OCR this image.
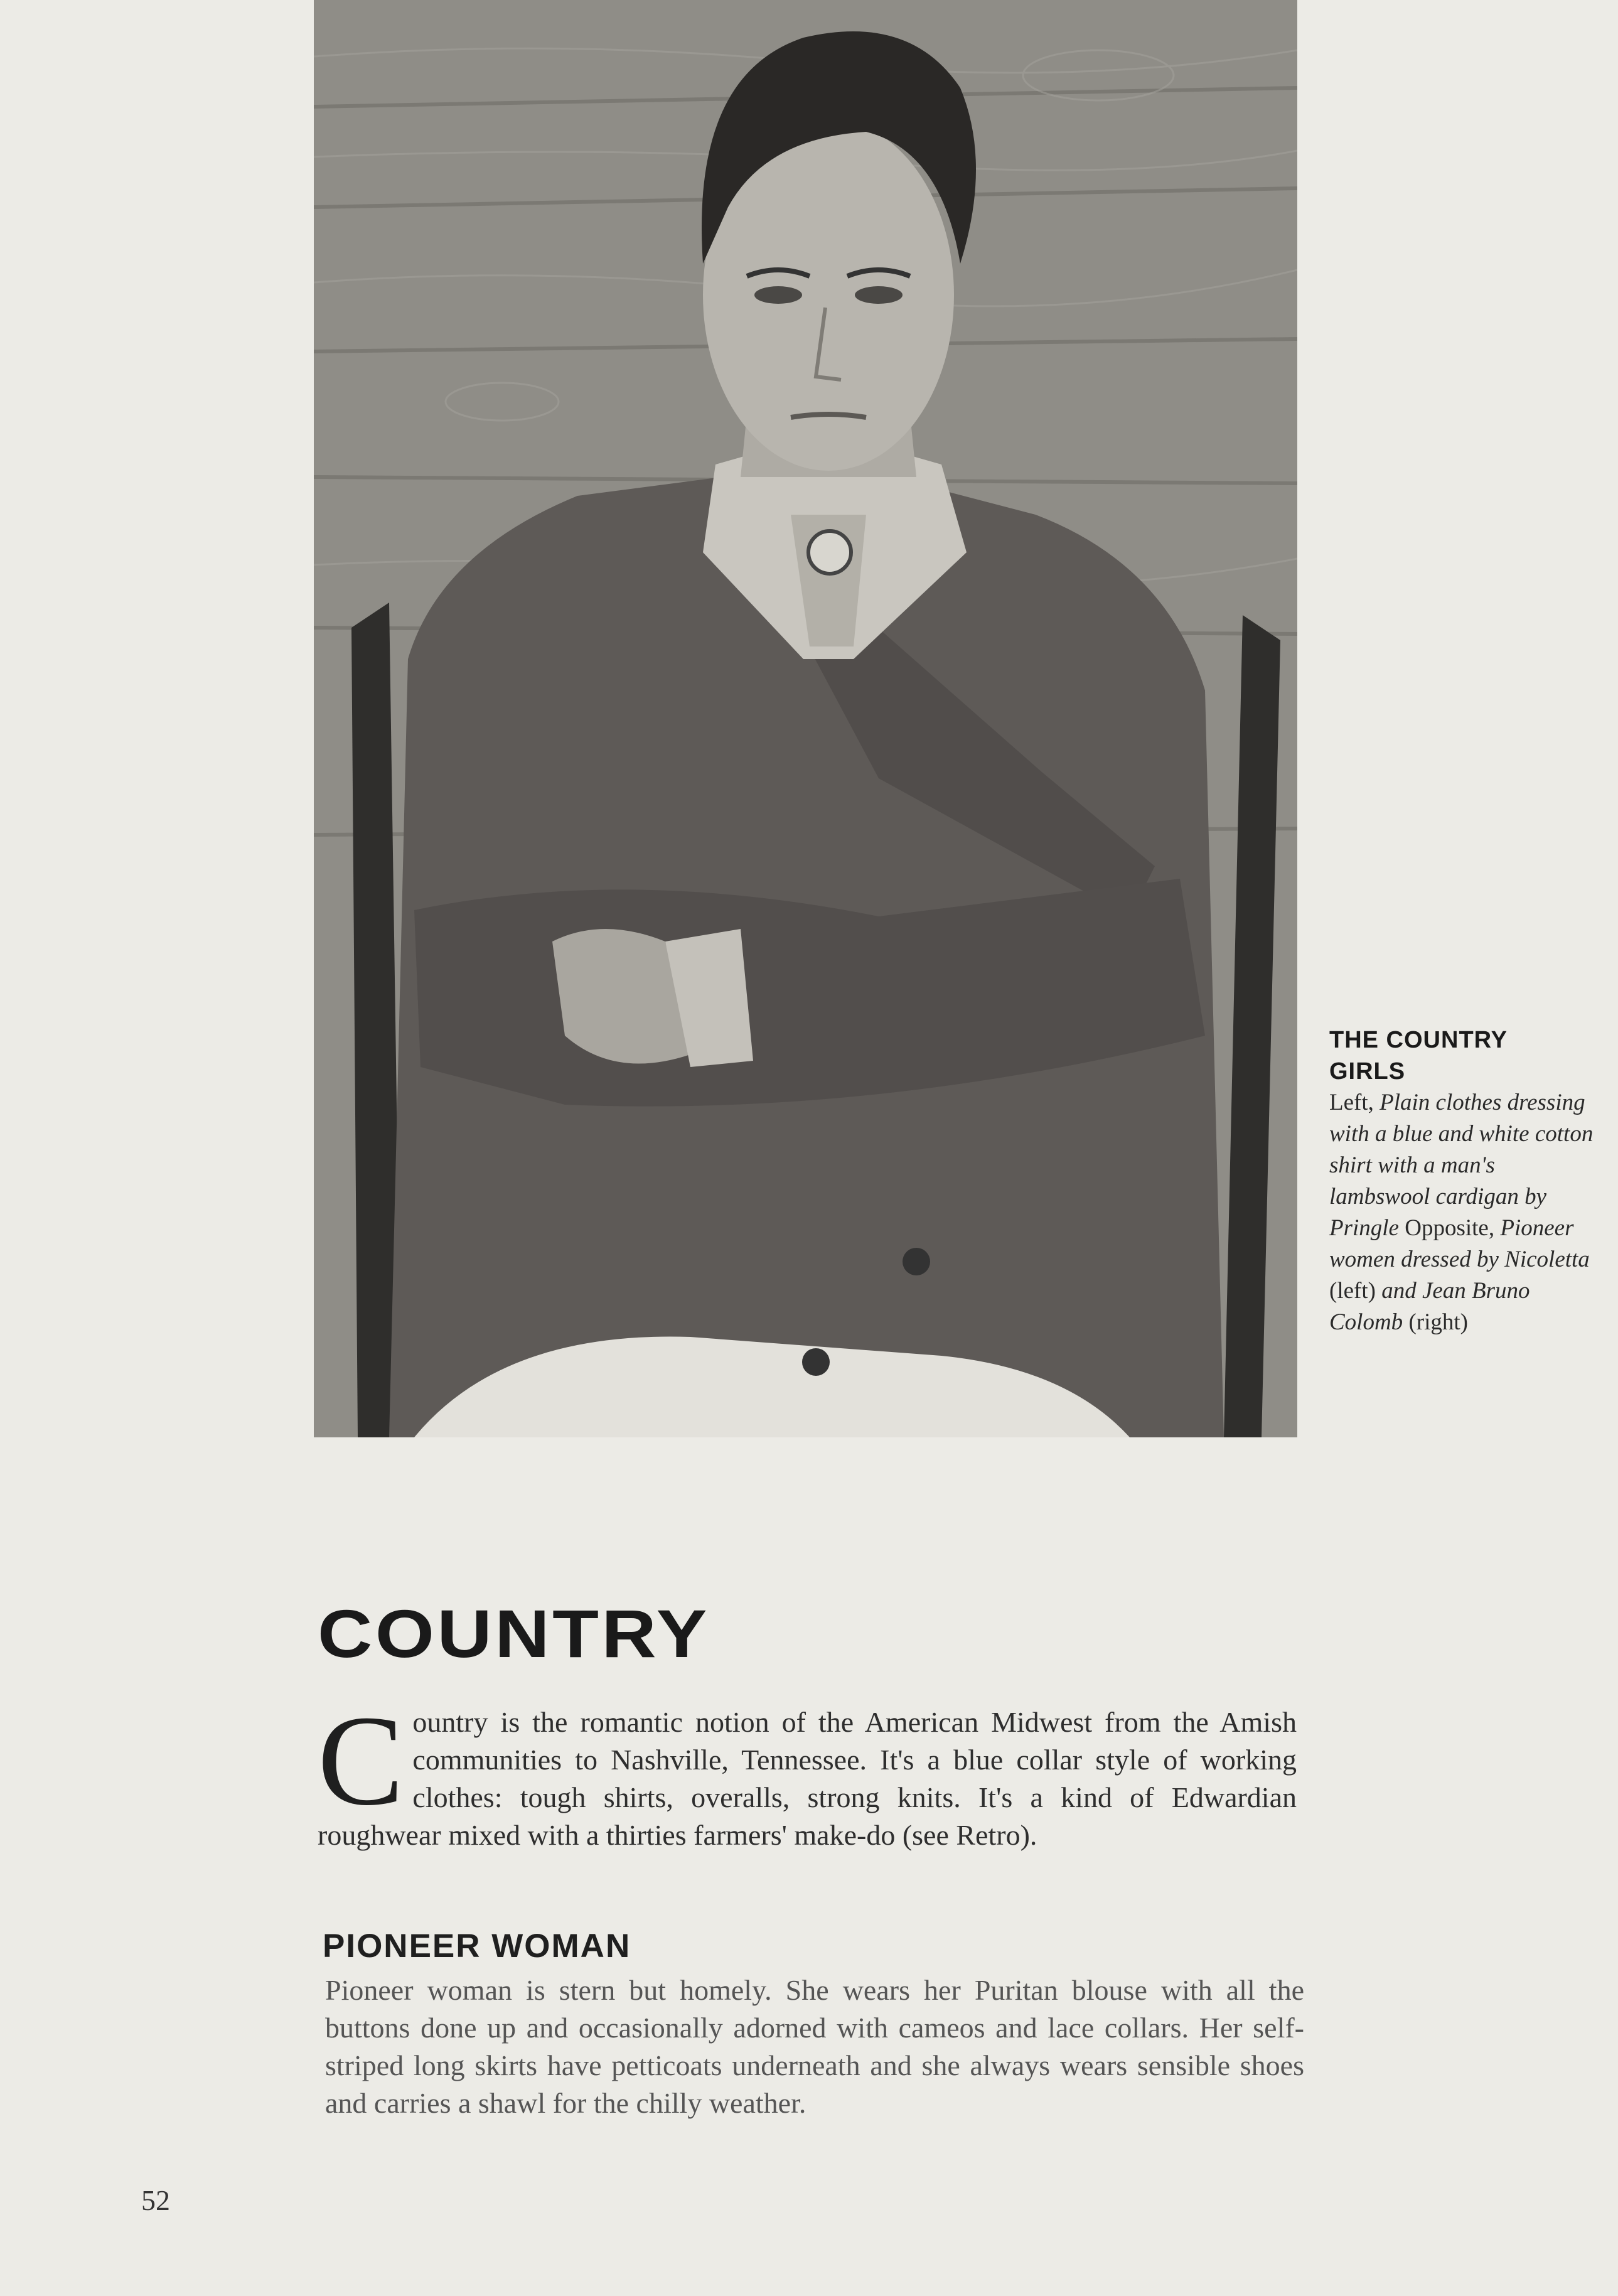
THE COUNTRY GIRLS
Left, Plain clothes dressing with a blue and white cotton shirt with a man's lambswool cardigan by Pringle Opposite, Pioneer women dressed by Nicoletta (left) and Jean Bruno Colomb (right)
COUNTRY
Country is the romantic notion of the American Midwest from the Amish communities to Nashville, Tennessee. It's a blue collar style of working clothes: tough shirts, overalls, strong knits. It's a kind of Edwardian roughwear mixed with a thirties farmers' make-do (see Retro).
PIONEER WOMAN
Pioneer woman is stern but homely. She wears her Puritan blouse with all the buttons done up and occasionally adorned with cameos and lace collars. Her self-striped long skirts have petticoats underneath and she always wears sensible shoes and carries a shawl for the chilly weather.
52
